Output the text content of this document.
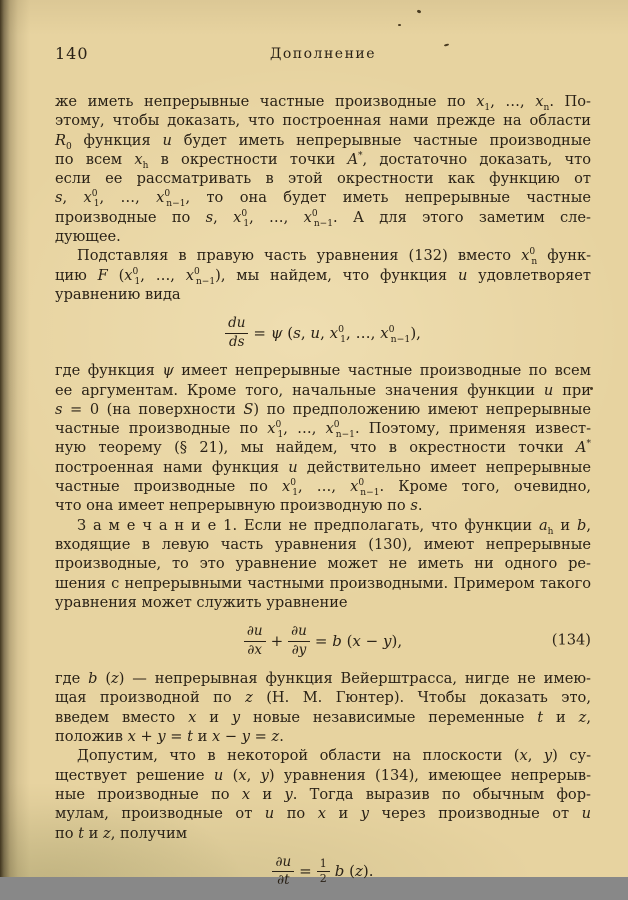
140	Дополнение
же иметь непрерывные частные производные по $x_1$, …, $x_n$. По-
этому, чтобы доказать, что построенная нами прежде на области
$R_0$ функция u будет иметь непрерывные частные производные
по всем $x_h$ в окрестности точки A*, достаточно доказать, что
если ее рассматривать в этой окрестности как функцию от
s, $x^0_1$, …, $x^0_{n-1}$, то она будет иметь непрерывные частные
производные по s, $x^0_1$, …, $x^0_{n-1}$. А для этого заметим сле-
дующее.
Подставляя в правую часть уравнения (132) вместо $x^0_n$ функ-
цию F ($x^0_1$, …, $x^0_{n-1}$), мы найдем, что функция u удовлетворяет
уравнению вида
$\frac{du}{ds} = \psi$ (s, u, $x^0_1$, …, $x^0_{n-1}$),
где функция ψ имеет непрерывные частные производные по всем
ее аргументам. Кроме того, начальные значения функции u при
s = 0 (на поверхности S) по предположению имеют непрерывные
частные производные по $x^0_1$, …, $x^0_{n-1}$. Поэтому, применяя извест-
ную теорему (§ 21), мы найдем, что в окрестности точки A*
построенная нами функция u действительно имеет непрерывные
частные производные по $x^0_1$, …, $x^0_{n-1}$. Кроме того, очевидно,
что она имеет непрерывную производную по s.
З а м е ч а н и е 1. Если не предполагать, что функции $a_h$ и b,
входящие в левую часть уравнения (130), имеют непрерывные
производные, то это уравнение может не иметь ни одного ре-
шения с непрерывными частными производными. Примером такого
уравнения может служить уравнение
$\frac{\partial u}{\partial x} + \frac{\partial u}{\partial y} = b$ (x − y),	(134)
где b (z) — непрерывная функция Вейерштрасса, нигде не имею-
щая производной по z (Н. М. Гюнтер). Чтобы доказать это,
введем вместо x и y новые независимые переменные t и z,
положив x + y = t и x − y = z.
Допустим, что в некоторой области на плоскости (x, y) су-
ществует решение u (x, y) уравнения (134), имеющее непрерыв-
ные производные по x и y. Тогда выразив по обычным фор-
мулам, производные от u по x и y через производные от u
по t и z, получим
$\frac{\partial u}{\partial t} = \frac{1}{2}$ b (z).
